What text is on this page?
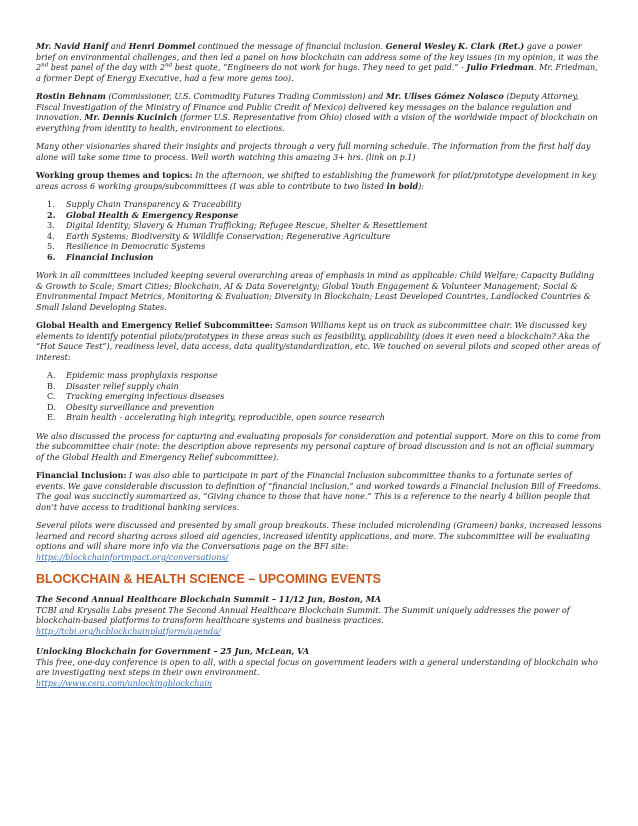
Mr. Navid Hanif and Henri Dommel continued the message of financial inclusion. General Wesley K. Clark (Ret.) gave a power brief on environmental challenges, and then led a panel on how blockchain can address some of the key issues (in my opinion, it was the 2nd best panel of the day with 2nd best quote, “Engineers do not work for hugs. They need to get paid.” - Julio Friedman. Mr. Friedman, a former Dept of Energy Executive, had a few more gems too).

Rostin Behnam (Commissioner, U.S. Commodity Futures Trading Commission) and Mr. Ulises Gómez Nolasco (Deputy Attorney, Fiscal Investigation of the Ministry of Finance and Public Credit of Mexico) delivered key messages on the balance regulation and innovation. Mr. Dennis Kucinich (former U.S. Representative from Ohio) closed with a vision of the worldwide impact of blockchain on everything from identity to health, environment to elections.

Many other visionaries shared their insights and projects through a very full morning schedule. The information from the first half day alone will take some time to process. Well worth watching this amazing 3+ hrs. (link on p.1)

Working group themes and topics: In the afternoon, we shifted to establishing the framework for pilot/prototype development in key areas across 6 working groups/subcommittees (I was able to contribute to two listed in bold):

1. Supply Chain Transparency & Traceability
2. Global Health & Emergency Response
3. Digital Identity; Slavery & Human Trafficking; Refugee Rescue, Shelter & Resettlement
4. Earth Systems; Biodiversity & Wildlife Conservation; Regenerative Agriculture
5. Resilience in Democratic Systems
6. Financial Inclusion

Work in all committees included keeping several overarching areas of emphasis in mind as applicable: Child Welfare; Capacity Building & Growth to Scale; Smart Cities; Blockchain, AI & Data Sovereignty; Global Youth Engagement & Volunteer Management; Social & Environmental Impact Metrics, Monitoring & Evaluation; Diversity in Blockchain; Least Developed Countries, Landlocked Countries & Small Island Developing States.

Global Health and Emergency Relief Subcommittee: Samson Williams kept us on track as subcommittee chair. We discussed key elements to identify potential pilots/prototypes in these areas such as feasibility, applicability (does it even need a blockchain? Aka the “Hot Sauce Test”), readiness level, data access, data quality/standardization, etc. We touched on several pilots and scoped other areas of interest:

A. Epidemic mass prophylaxis response
B. Disaster relief supply chain
C. Tracking emerging infectious diseases
D. Obesity surveillance and prevention
E. Brain health - accelerating high integrity, reproducible, open source research

We also discussed the process for capturing and evaluating proposals for consideration and potential support. More on this to come from the subcommittee chair (note: the description above represents my personal capture of broad discussion and is not an official summary of the Global Health and Emergency Relief subcommittee).

Financial Inclusion: I was also able to participate in part of the Financial Inclusion subcommittee thanks to a fortunate series of events. We gave considerable discussion to definition of “financial inclusion,” and worked towards a Financial Inclusion Bill of Freedoms. The goal was succinctly summarized as, “Giving chance to those that have none.” This is a reference to the nearly 4 billion people that don’t have access to traditional banking services.

Several pilots were discussed and presented by small group breakouts. These included microlending (Grameen) banks, increased lessons learned and record sharing across siloed aid agencies, increased identity applications, and more. The subcommittee will be evaluating options and will share more info via the Conversations page on the BFI site:
https://blockchainforimpact.org/conversations/

BLOCKCHAIN & HEALTH SCIENCE – UPCOMING EVENTS

The Second Annual Healthcare Blockchain Summit – 11/12 Jun, Boston, MA

TCBI and Krysalis Labs present The Second Annual Healthcare Blockchain Summit. The Summit uniquely addresses the power of blockchain-based platforms to transform healthcare systems and business practices.

http://tcbi.org/hcblockchainplatform/agenda/

Unlocking Blockchain for Government – 25 Jun, McLean, VA

This free, one-day conference is open to all, with a special focus on government leaders with a general understanding of blockchain who are investigating next steps in their own environment.

https://www.csra.com/unlockingblockchain
